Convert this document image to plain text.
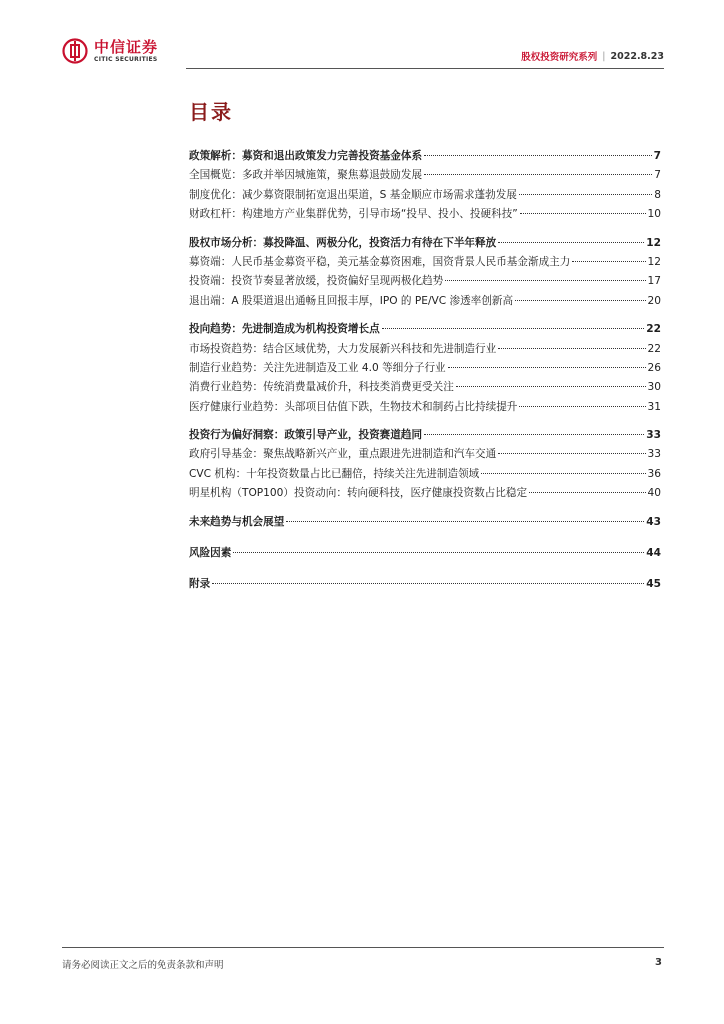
中信证券
CITIC SECURITIES	股权投资研究系列 | 2022.8.23
目录
政策解析：募资和退出政策发力完善投资基金体系	7
全国概览：多政并举因城施策，聚焦募退鼓励发展	7
制度优化：减少募资限制拓宽退出渠道，S 基金顺应市场需求蓬勃发展	8
财政杠杆：构建地方产业集群优势，引导市场“投早、投小、投硬科技”	10
股权市场分析：募投降温、两极分化，投资活力有待在下半年释放	12
募资端：人民币基金募资平稳，美元基金募资困难，国资背景人民币基金渐成主力	12
投资端：投资节奏显著放缓，投资偏好呈现两极化趋势	17
退出端：A 股渠道退出通畅且回报丰厚，IPO 的 PE/VC 渗透率创新高	20
投向趋势：先进制造成为机构投资增长点	22
市场投资趋势：结合区域优势，大力发展新兴科技和先进制造行业	22
制造行业趋势：关注先进制造及工业 4.0 等细分子行业	26
消费行业趋势：传统消费量减价升，科技类消费更受关注	30
医疗健康行业趋势：头部项目估值下跌，生物技术和制药占比持续提升	31
投资行为偏好洞察：政策引导产业，投资赛道趋同	33
政府引导基金：聚焦战略新兴产业，重点跟进先进制造和汽车交通	33
CVC 机构：十年投资数量占比已翻倍，持续关注先进制造领域	36
明星机构（TOP100）投资动向：转向硬科技，医疗健康投资数占比稳定	40
未来趋势与机会展望	43
风险因素	44
附录	45
请务必阅读正文之后的免责条款和声明	3
